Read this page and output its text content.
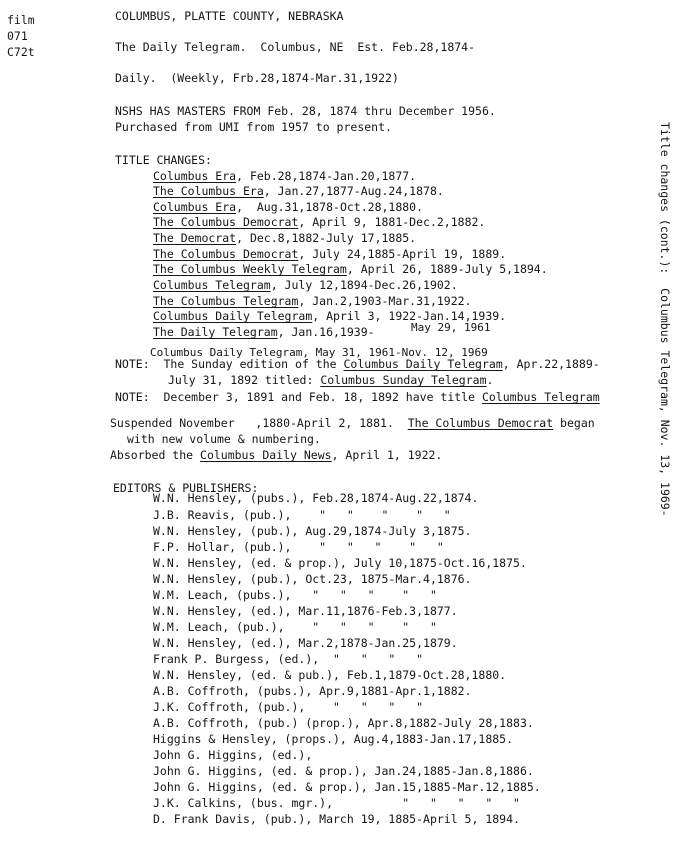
film
071
C72t
COLUMBUS, PLATTE COUNTY, NEBRASKA
The Daily Telegram.  Columbus, NE  Est. Feb.28,1874-
Daily.  (Weekly, Frb.28,1874-Mar.31,1922)
NSHS HAS MASTERS FROM Feb. 28, 1874 thru December 1956.
Purchased from UMI from 1957 to present.
TITLE CHANGES:
Columbus Era, Feb.28,1874-Jan.20,1877.
The Columbus Era, Jan.27,1877-Aug.24,1878.
Columbus Era,  Aug.31,1878-Oct.28,1880.
The Columbus Democrat, April 9, 1881-Dec.2,1882.
The Democrat, Dec.8,1882-July 17,1885.
The Columbus Democrat, July 24,1885-April 19, 1889.
The Columbus Weekly Telegram, April 26, 1889-July 5,1894.
Columbus Telegram, July 12,1894-Dec.26,1902.
The Columbus Telegram, Jan.2,1903-Mar.31,1922.
Columbus Daily Telegram, April 3, 1922-Jan.14,1939.
The Daily Telegram, Jan.16,1939-	May 29, 1961
Columbus Daily Telegram, May 31, 1961-Nov. 12, 1969
NOTE:  The Sunday edition of the Columbus Daily Telegram, Apr.22,1889-
July 31, 1892 titled: Columbus Sunday Telegram.
NOTE:  December 3, 1891 and Feb. 18, 1892 have title Columbus Telegram
Suspended November   ,1880-April 2, 1881.  The Columbus Democrat began
with new volume & numbering.
Absorbed the Columbus Daily News, April 1, 1922.
EDITORS & PUBLISHERS:
W.N. Hensley, (pubs.), Feb.28,1874-Aug.22,1874.
J.B. Reavis, (pub.),    "   "    "    "   "
W.N. Hensley, (pub.), Aug.29,1874-July 3,1875.
F.P. Hollar, (pub.),    "   "   "    "   "
W.N. Hensley, (ed. & prop.), July 10,1875-Oct.16,1875.
W.N. Hensley, (pub.), Oct.23, 1875-Mar.4,1876.
W.M. Leach, (pubs.),   "   "   "    "   "
W.N. Hensley, (ed.), Mar.11,1876-Feb.3,1877.
W.M. Leach, (pub.),    "   "   "    "   "
W.N. Hensley, (ed.), Mar.2,1878-Jan.25,1879.
Frank P. Burgess, (ed.),  "   "   "   "
W.N. Hensley, (ed. & pub.), Feb.1,1879-Oct.28,1880.
A.B. Coffroth, (pubs.), Apr.9,1881-Apr.1,1882.
J.K. Coffroth, (pub.),    "   "   "   "
A.B. Coffroth, (pub.) (prop.), Apr.8,1882-July 28,1883.
Higgins & Hensley, (props.), Aug.4,1883-Jan.17,1885.
John G. Higgins, (ed.),
John G. Higgins, (ed. & prop.), Jan.24,1885-Jan.8,1886.
John G. Higgins, (ed. & prop.), Jan.15,1885-Mar.12,1885.
J.K. Calkins, (bus. mgr.),          "   "   "   "   "
D. Frank Davis, (pub.), March 19, 1885-April 5, 1894.
Title changes (cont.):  Columbus Telegram, Nov. 13, 1969-
